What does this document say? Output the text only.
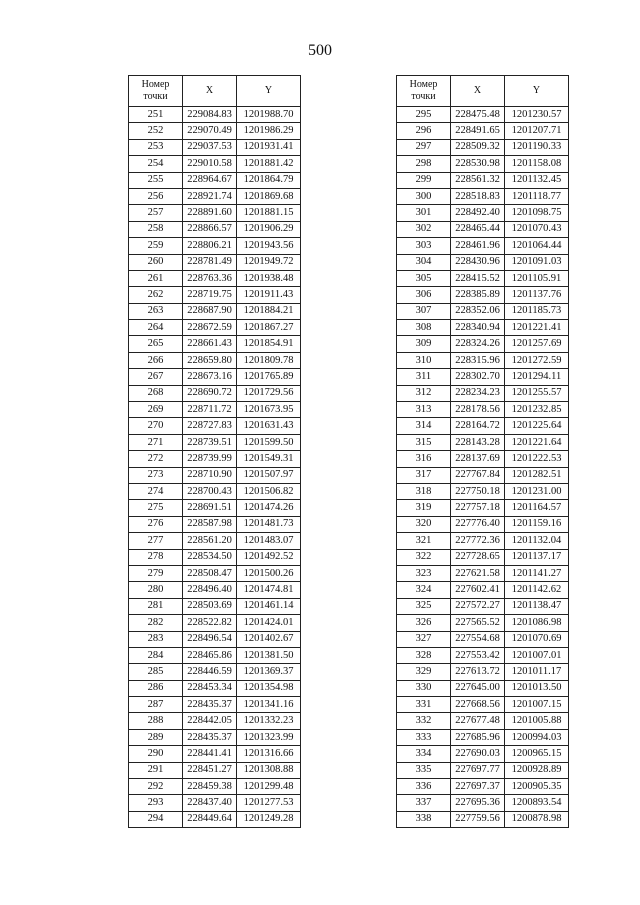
500
Номер
точки	X	Y
251	229084.83	1201988.70
252	229070.49	1201986.29
253	229037.53	1201931.41
254	229010.58	1201881.42
255	228964.67	1201864.79
256	228921.74	1201869.68
257	228891.60	1201881.15
258	228866.57	1201906.29
259	228806.21	1201943.56
260	228781.49	1201949.72
261	228763.36	1201938.48
262	228719.75	1201911.43
263	228687.90	1201884.21
264	228672.59	1201867.27
265	228661.43	1201854.91
266	228659.80	1201809.78
267	228673.16	1201765.89
268	228690.72	1201729.56
269	228711.72	1201673.95
270	228727.83	1201631.43
271	228739.51	1201599.50
272	228739.99	1201549.31
273	228710.90	1201507.97
274	228700.43	1201506.82
275	228691.51	1201474.26
276	228587.98	1201481.73
277	228561.20	1201483.07
278	228534.50	1201492.52
279	228508.47	1201500.26
280	228496.40	1201474.81
281	228503.69	1201461.14
282	228522.82	1201424.01
283	228496.54	1201402.67
284	228465.86	1201381.50
285	228446.59	1201369.37
286	228453.34	1201354.98
287	228435.37	1201341.16
288	228442.05	1201332.23
289	228435.37	1201323.99
290	228441.41	1201316.66
291	228451.27	1201308.88
292	228459.38	1201299.48
293	228437.40	1201277.53
294	228449.64	1201249.28
Номер
точки	X	Y
295	228475.48	1201230.57
296	228491.65	1201207.71
297	228509.32	1201190.33
298	228530.98	1201158.08
299	228561.32	1201132.45
300	228518.83	1201118.77
301	228492.40	1201098.75
302	228465.44	1201070.43
303	228461.96	1201064.44
304	228430.96	1201091.03
305	228415.52	1201105.91
306	228385.89	1201137.76
307	228352.06	1201185.73
308	228340.94	1201221.41
309	228324.26	1201257.69
310	228315.96	1201272.59
311	228302.70	1201294.11
312	228234.23	1201255.57
313	228178.56	1201232.85
314	228164.72	1201225.64
315	228143.28	1201221.64
316	228137.69	1201222.53
317	227767.84	1201282.51
318	227750.18	1201231.00
319	227757.18	1201164.57
320	227776.40	1201159.16
321	227772.36	1201132.04
322	227728.65	1201137.17
323	227621.58	1201141.27
324	227602.41	1201142.62
325	227572.27	1201138.47
326	227565.52	1201086.98
327	227554.68	1201070.69
328	227553.42	1201007.01
329	227613.72	1201011.17
330	227645.00	1201013.50
331	227668.56	1201007.15
332	227677.48	1201005.88
333	227685.96	1200994.03
334	227690.03	1200965.15
335	227697.77	1200928.89
336	227697.37	1200905.35
337	227695.36	1200893.54
338	227759.56	1200878.98
